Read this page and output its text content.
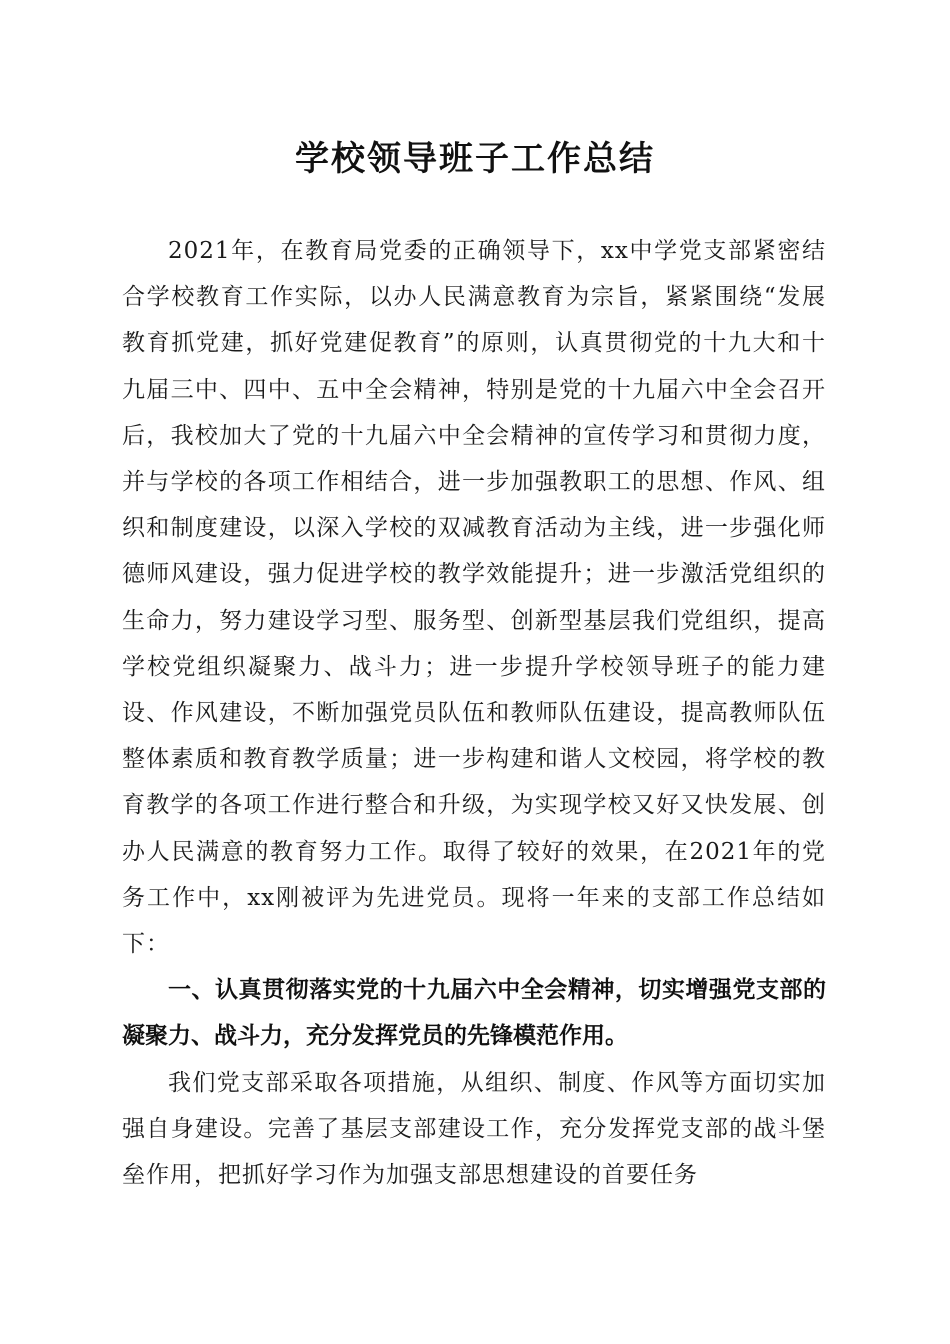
学校领导班子工作总结

2021年，在教育局党委的正确领导下，xx中学党支部紧密结合学校教育工作实际，以办人民满意教育为宗旨，紧紧围绕“发展教育抓党建，抓好党建促教育”的原则，认真贯彻党的十九大和十九届三中、四中、五中全会精神，特别是党的十九届六中全会召开后，我校加大了党的十九届六中全会精神的宣传学习和贯彻力度，并与学校的各项工作相结合，进一步加强教职工的思想、作风、组织和制度建设，以深入学校的双减教育活动为主线，进一步强化师德师风建设，强力促进学校的教学效能提升；进一步激活党组织的生命力，努力建设学习型、服务型、创新型基层我们党组织，提高学校党组织凝聚力、战斗力；进一步提升学校领导班子的能力建设、作风建设，不断加强党员队伍和教师队伍建设，提高教师队伍整体素质和教育教学质量；进一步构建和谐人文校园，将学校的教育教学的各项工作进行整合和升级，为实现学校又好又快发展、创办人民满意的教育努力工作。取得了较好的效果，在2021年的党务工作中，xx刚被评为先进党员。现将一年来的支部工作总结如下：

一、认真贯彻落实党的十九届六中全会精神，切实增强党支部的凝聚力、战斗力，充分发挥党员的先锋模范作用。

我们党支部采取各项措施，从组织、制度、作风等方面切实加强自身建设。完善了基层支部建设工作，充分发挥党支部的战斗堡垒作用，把抓好学习作为加强支部思想建设的首要任务
